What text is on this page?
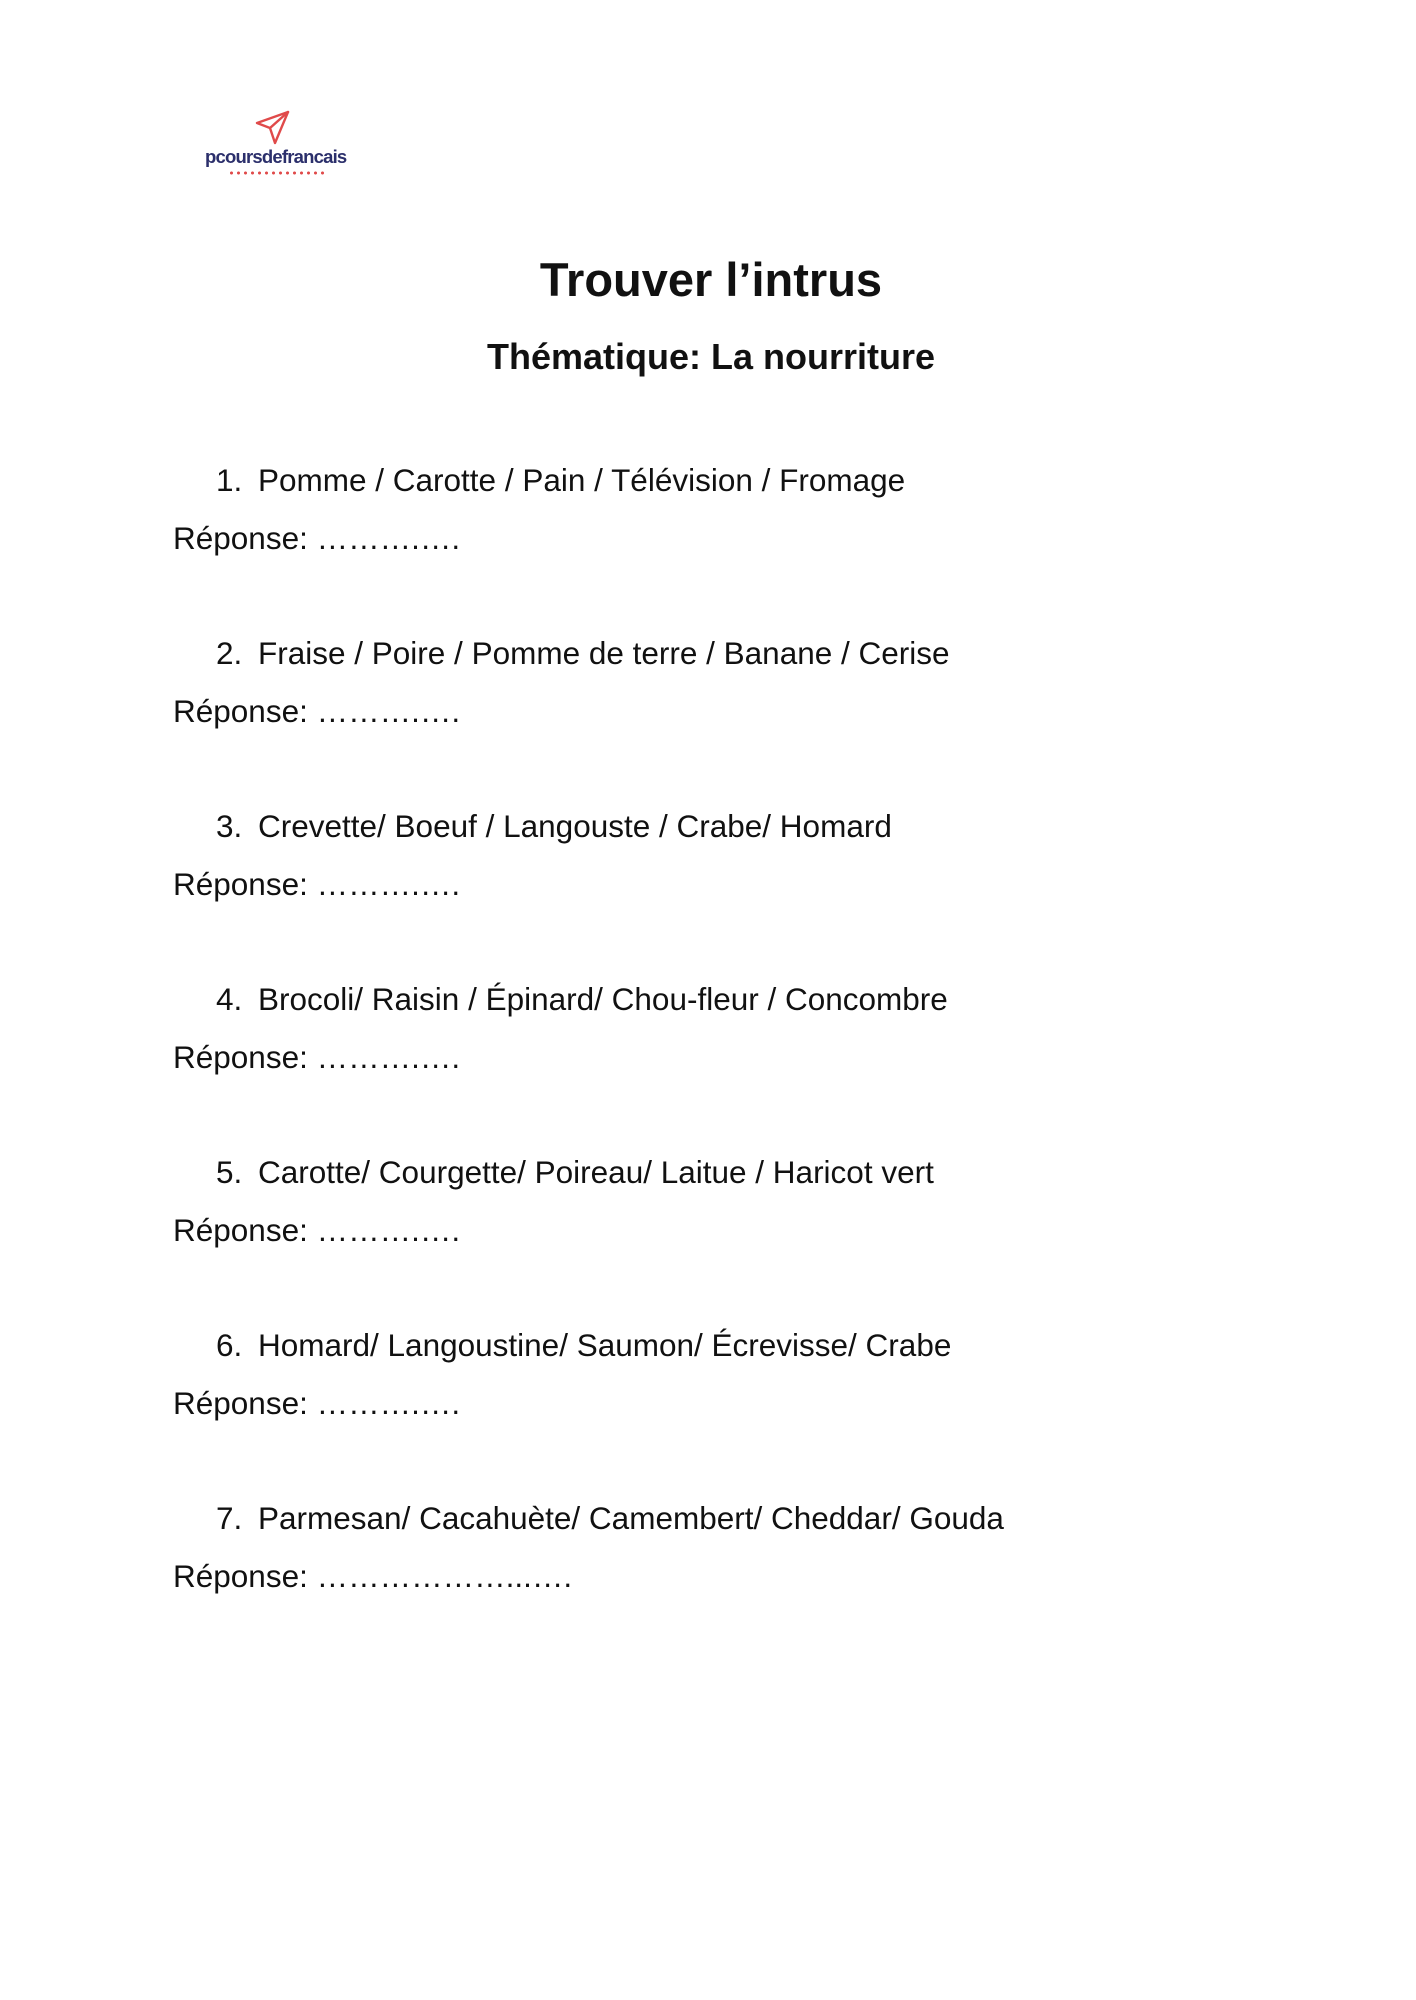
pcoursdefrancais
Trouver l’intrus
Thématique: La nourriture
1. Pomme / Carotte / Pain / Télévision / Fromage
Réponse: ……….….
2. Fraise / Poire / Pomme de terre / Banane / Cerise
Réponse: ……….….
3. Crevette/ Boeuf / Langouste / Crabe/ Homard
Réponse: ……….….
4. Brocoli/ Raisin / Épinard/ Chou-fleur / Concombre
Réponse: ……….….
5. Carotte/ Courgette/ Poireau/ Laitue / Haricot vert
Réponse: ……….….
6. Homard/ Langoustine/ Saumon/ Écrevisse/ Crabe
Réponse: ……….….
7. Parmesan/ Cacahuète/ Camembert/ Cheddar/ Gouda
Réponse: ………………...….
